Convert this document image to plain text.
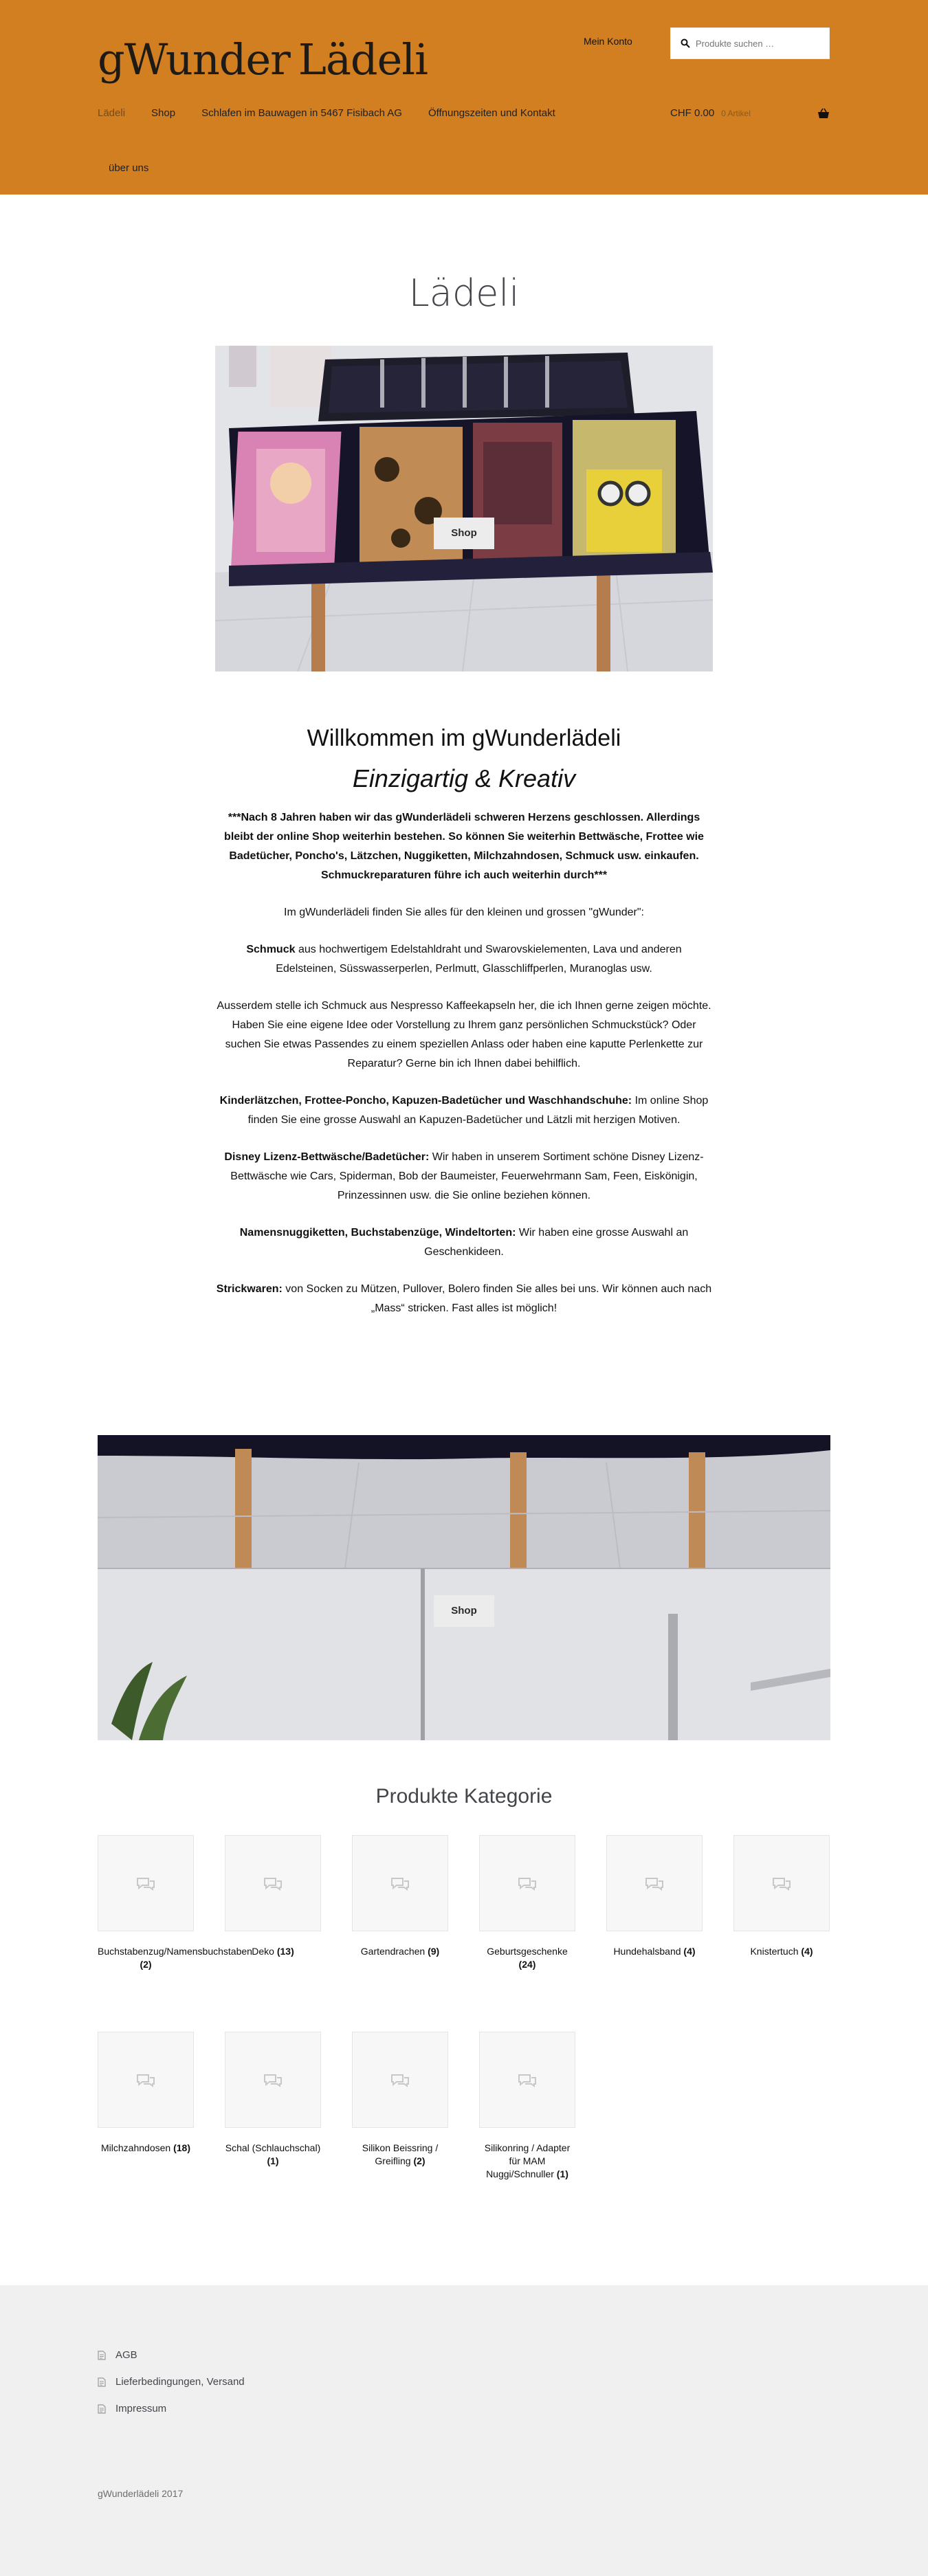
gWunder Lädeli	Mein Konto
Produkte suchen …
Lädeli	Shop	Schlafen im Bauwagen in 5467 Fisibach AG	Öffnungszeiten und Kontakt
über uns
CHF 0.00 0 Artikel
Lädeli
Shop
Willkommen im gWunderlädeli
Einzigartig & Kreativ

***Nach 8 Jahren haben wir das gWunderlädeli schweren Herzens geschlossen. Allerdings bleibt der online Shop weiterhin bestehen. So können Sie weiterhin Bettwäsche, Frottee wie Badetücher, Poncho's, Lätzchen, Nuggiketten, Milchzahndosen, Schmuck usw. einkaufen. Schmuckreparaturen führe ich auch weiterhin durch***

Im gWunderlädeli finden Sie alles für den kleinen und grossen "gWunder":

Schmuck aus hochwertigem Edelstahldraht und Swarovskielementen, Lava und anderen Edelsteinen, Süsswasserperlen, Perlmutt, Glasschliffperlen, Muranoglas usw.

Ausserdem stelle ich Schmuck aus Nespresso Kaffeekapseln her, die ich Ihnen gerne zeigen möchte. Haben Sie eine eigene Idee oder Vorstellung zu Ihrem ganz persönlichen Schmuckstück? Oder suchen Sie etwas Passendes zu einem speziellen Anlass oder haben eine kaputte Perlenkette zur Reparatur? Gerne bin ich Ihnen dabei behilflich.

Kinderlätzchen, Frottee-Poncho, Kapuzen-Badetücher und Waschhandschuhe: Im online Shop finden Sie eine grosse Auswahl an Kapuzen-Badetücher und Lätzli mit herzigen Motiven.

Disney Lizenz-Bettwäsche/Badetücher: Wir haben in unserem Sortiment schöne Disney Lizenz-Bettwäsche wie Cars, Spiderman, Bob der Baumeister, Feuerwehrmann Sam, Feen, Eiskönigin, Prinzessinnen usw. die Sie online beziehen können.

Namensnuggiketten, Buchstabenzüge, Windeltorten: Wir haben eine grosse Auswahl an Geschenkideen.

Strickwaren: von Socken zu Mützen, Pullover, Bolero finden Sie alles bei uns. Wir können auch nach „Mass“ stricken. Fast alles ist möglich!

Shop
Produkte Kategorie
Buchstabenzug/Namensbuchstaben (2)
Deko (13)	Gartendrachen (9)	Geburtsgeschenke (24)
Hundehalsband (4)	Knistertuch (4)
Milchzahndosen (18)	Schal (Schlauchschal) (1)
Silikon Beissring / Greifling (2)
Silikonring / Adapter für MAM Nuggi/Schnuller (1)
AGB
Lieferbedingungen, Versand
Impressum
gWunderlädeli 2017
